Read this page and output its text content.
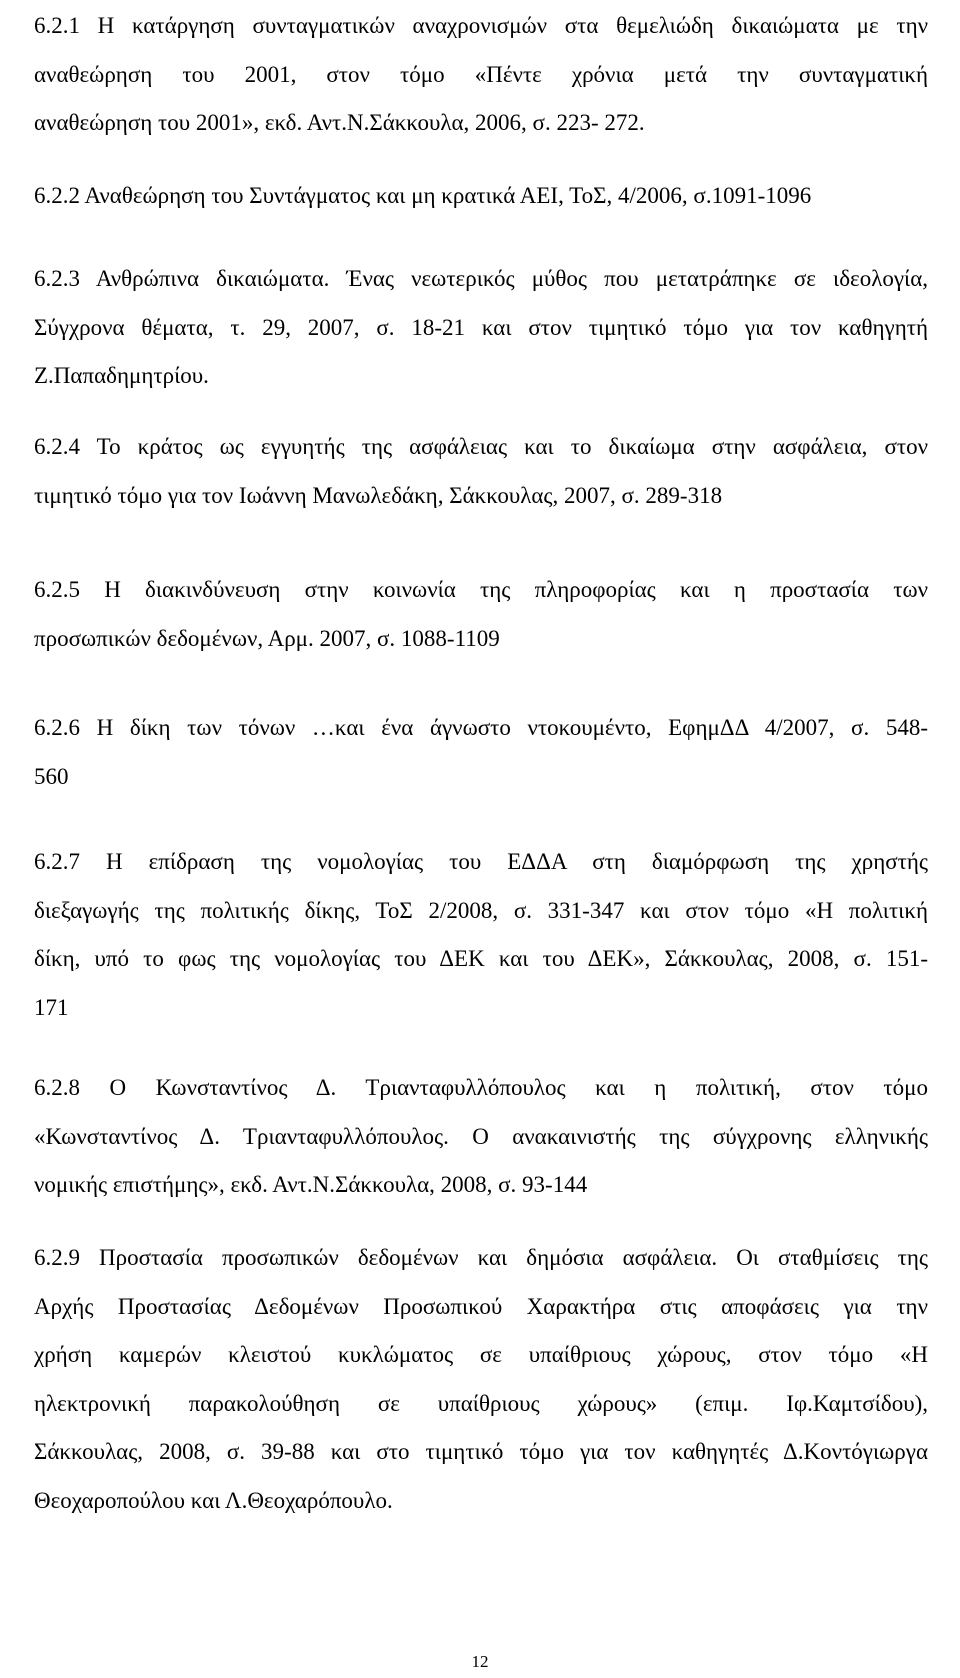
6.2.1 Η κατάργηση συνταγματικών αναχρονισμών στα θεμελιώδη δικαιώματα με την
αναθεώρηση του 2001, στον τόμο «Πέντε χρόνια μετά την συνταγματική
αναθεώρηση του 2001», εκδ. Αντ.Ν.Σάκκουλα, 2006, σ. 223- 272.
6.2.2 Αναθεώρηση του Συντάγματος και μη κρατικά ΑΕΙ, ΤοΣ, 4/2006, σ.1091-1096
6.2.3 Ανθρώπινα δικαιώματα. Ένας νεωτερικός μύθος που μετατράπηκε σε ιδεολογία,
Σύγχρονα θέματα, τ. 29, 2007, σ. 18-21 και στον τιμητικό τόμο για τον καθηγητή
Ζ.Παπαδημητρίου.
6.2.4 Το κράτος ως εγγυητής της ασφάλειας και το δικαίωμα στην ασφάλεια, στον
τιμητικό τόμο για τον Ιωάννη Μανωλεδάκη, Σάκκουλας, 2007, σ. 289-318
6.2.5 Η διακινδύνευση στην κοινωνία της πληροφορίας και η προστασία των
προσωπικών δεδομένων, Αρμ. 2007, σ. 1088-1109
6.2.6 Η δίκη των τόνων …και ένα άγνωστο ντοκουμέντο, ΕφημΔΔ 4/2007, σ. 548-
560
6.2.7 Η επίδραση της νομολογίας του ΕΔΔΑ στη διαμόρφωση της χρηστής
διεξαγωγής της πολιτικής δίκης, ΤοΣ 2/2008, σ. 331-347 και στον τόμο «Η πολιτική
δίκη, υπό το φως της νομολογίας του ΔΕΚ και του ΔΕΚ», Σάκκουλας, 2008, σ. 151-
171
6.2.8 Ο Κωνσταντίνος Δ. Τριανταφυλλόπουλος και η πολιτική, στον τόμο
«Κωνσταντίνος Δ. Τριανταφυλλόπουλος. Ο ανακαινιστής της σύγχρονης ελληνικής
νομικής επιστήμης», εκδ. Αντ.Ν.Σάκκουλα, 2008, σ. 93-144
6.2.9 Προστασία προσωπικών δεδομένων και δημόσια ασφάλεια. Οι σταθμίσεις της
Αρχής Προστασίας Δεδομένων Προσωπικού Χαρακτήρα στις αποφάσεις για την
χρήση καμερών κλειστού κυκλώματος σε υπαίθριους χώρους, στον τόμο «Η
ηλεκτρονική παρακολούθηση σε υπαίθριους χώρους» (επιμ. Ιφ.Καμτσίδου),
Σάκκουλας, 2008, σ. 39-88 και στο τιμητικό τόμο για τον καθηγητές Δ.Κοντόγιωργα
Θεοχαροπούλου και Λ.Θεοχαρόπουλο.
12
